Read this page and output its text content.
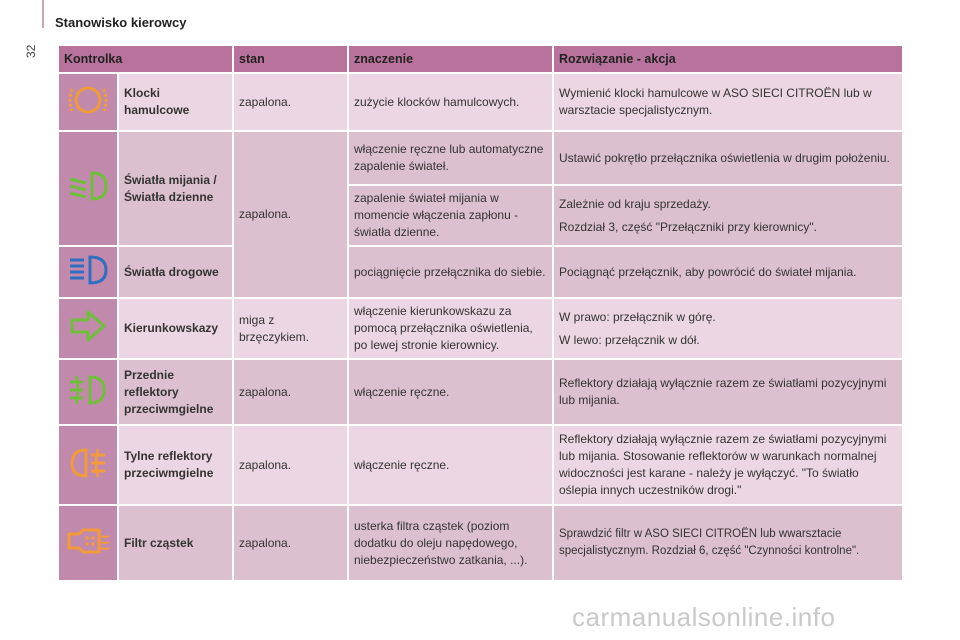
Stanowisko kierowcy
32
Kontrolka		stan	znaczenie	Rozwiązanie - akcja
	Klocki hamulcowe	zapalona.	zużycie klocków hamulcowych.	Wymienić klocki hamulcowe w ASO SIECI CITROËN lub w warsztacie specjalistycznym.
	Światła mijania / Światła dzienne	zapalona.	włączenie ręczne lub automatyczne zapalenie świateł.	Ustawić pokrętło przełącznika oświetlenia w drugim położeniu.
			zapalenie świateł mijania w momencie włączenia zapłonu - światła dzienne.	Zależnie od kraju sprzedaży.

Rozdział 3, część "Przełączniki przy kierownicy".

	Światła drogowe		pociągnięcie przełącznika do siebie.	Pociągnąć przełącznik, aby powrócić do świateł mijania.
	Kierunkowskazy	miga z brzęczykiem.	włączenie kierunkowskazu za pomocą przełącznika oświetlenia, po lewej stronie kierownicy.	W prawo: przełącznik w górę.

W lewo: przełącznik w dół.

	Przednie reflektory przeciwmgielne	zapalona.	włączenie ręczne.	Reflektory działają wyłącznie razem ze światłami pozycyjnymi lub mijania.
	Tylne reflektory przeciwmgielne	zapalona.	włączenie ręczne.	Reflektory działają wyłącznie razem ze światłami pozycyjnymi lub mijania. Stosowanie reflektorów w warunkach normalnej widoczności jest karane - należy je wyłączyć. "To światło oślepia innych uczestników drogi."
	Filtr cząstek	zapalona.	usterka filtra cząstek (poziom dodatku do oleju napędowego, niebezpieczeństwo zatkania, ...).	Sprawdzić filtr w ASO SIECI CITROËN lub wwarsztacie specjalistycznym. Rozdział 6, część "Czynności kontrolne".
carmanualsonline.info
